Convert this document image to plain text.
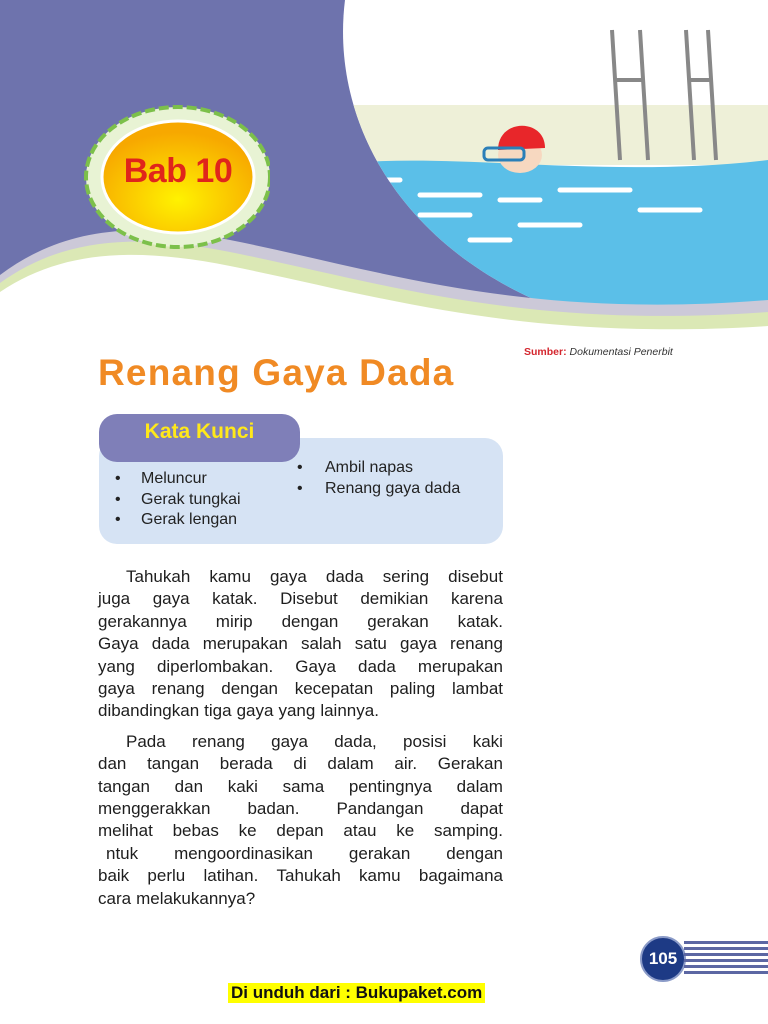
Bab 10
Sumber: Dokumentasi Penerbit
Renang Gaya Dada
Kata Kunci
• Meluncur
• Gerak tungkai
• Gerak lengan
• Ambil napas
• Renang gaya dada
Tahukah kamu gaya dada sering disebut
juga gaya katak. Disebut demikian karena
gerakannya mirip dengan gerakan katak.
Gaya dada merupakan salah satu gaya renang
yang diperlombakan. Gaya dada merupakan
gaya renang dengan kecepatan paling lambat
dibandingkan tiga gaya yang lainnya.
Pada renang gaya dada, posisi kaki
dan tangan berada di dalam air. Gerakan
tangan dan kaki sama pentingnya dalam
menggerakkan badan. Pandangan dapat
melihat bebas ke depan atau ke samping.
ntuk mengoordinasikan gerakan dengan
baik perlu latihan. Tahukah kamu bagaimana
cara melakukannya?
105
Di unduh dari : Bukupaket.com
